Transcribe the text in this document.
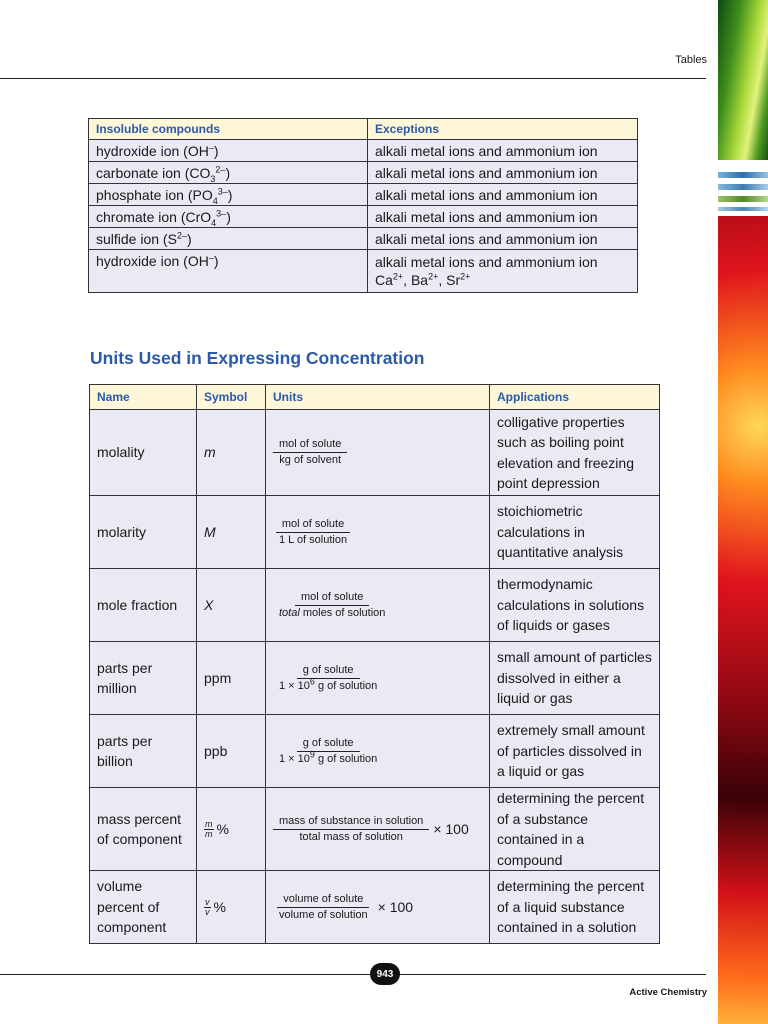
Tables
Insoluble compounds	Exceptions
hydroxide ion (OH–)	alkali metal ions and ammonium ion
carbonate ion $(CO_3^{2-})$	alkali metal ions and ammonium ion
phosphate ion $(PO_4^{3-})$	alkali metal ions and ammonium ion
chromate ion (CrO$_4^{3-}$)	alkali metal ions and ammonium ion
sulfide ion $(S^{2-})$	alkali metal ions and ammonium ion
hydroxide ion (OH–)	alkali metal ions and ammonium ion
$Ca^{2+}$, $Ba^{2+}$, $Sr^{2+}$
Units Used in Expressing Concentration
Name	Symbol	Units	Applications
molality	m	$\frac{\text{mol of solute}}{\text{kg of solvent}}$	colligative properties such as boiling point elevation and freezing point depression
molarity	M	$\frac{\text{mol of solute}}{\text{1 L of solution}}$	stoichiometric calculations in quantitative analysis
mole fraction	X	$\frac{\text{mol of solute}}{\text{total moles of solution}}$	thermodynamic calculations in solutions of liquids or gases
parts per million	ppm	$\frac{\text{g of solute}}{1 \times 10^6 g of solution}$	small amount of particles dissolved in either a liquid or gas
parts per billion	ppb	$\frac{\text{g of solute}}{1 \times 10^9 g of solution}$	extremely small amount of particles dissolved in a liquid or gas
mass percent of component	$\frac{m}{m}$ %	$\frac{\text{mass of substance in solution}}{\text{total mass of solution}} \times 100$	determining the percent of a substance contained in a compound
volume percent of component	$\frac{v}{v}$ %	$\frac{\text{volume of solute}}{\text{volume of solution}} \times 100$	determining the percent of a liquid substance contained in a solution
943
Active Chemistry
